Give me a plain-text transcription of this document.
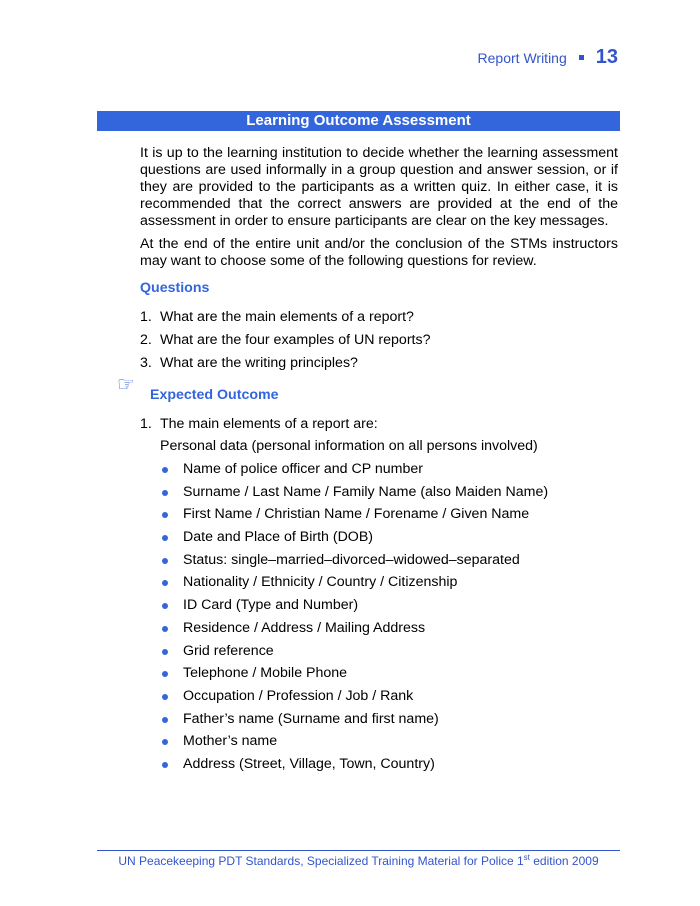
Report Writing 13
Learning Outcome Assessment

It is up to the learning institution to decide whether the learning assessment questions are used informally in a group question and answer session, or if they are provided to the participants as a written quiz. In either case, it is recommended that the correct answers are provided at the end of the assessment in order to ensure participants are clear on the key messages.

At the end of the entire unit and/or the conclusion of the STMs instructors may want to choose some of the following questions for review.

Questions
1. What are the main elements of a report?
2. What are the four examples of UN reports?
3. What are the writing principles?
☞ Expected Outcome
1. The main elements of a report are:
Personal data (personal information on all persons involved)
Name of police officer and CP number
Surname / Last Name / Family Name (also Maiden Name)
First Name / Christian Name / Forename / Given Name
Date and Place of Birth (DOB)
Status: single–married–divorced–widowed–separated
Nationality / Ethnicity / Country / Citizenship
ID Card (Type and Number)
Residence / Address / Mailing Address
Grid reference
Telephone / Mobile Phone
Occupation / Profession / Job / Rank
Father’s name (Surname and first name)
Mother’s name
Address (Street, Village, Town, Country)
UN Peacekeeping PDT Standards, Specialized Training Material for Police 1st edition 2009
